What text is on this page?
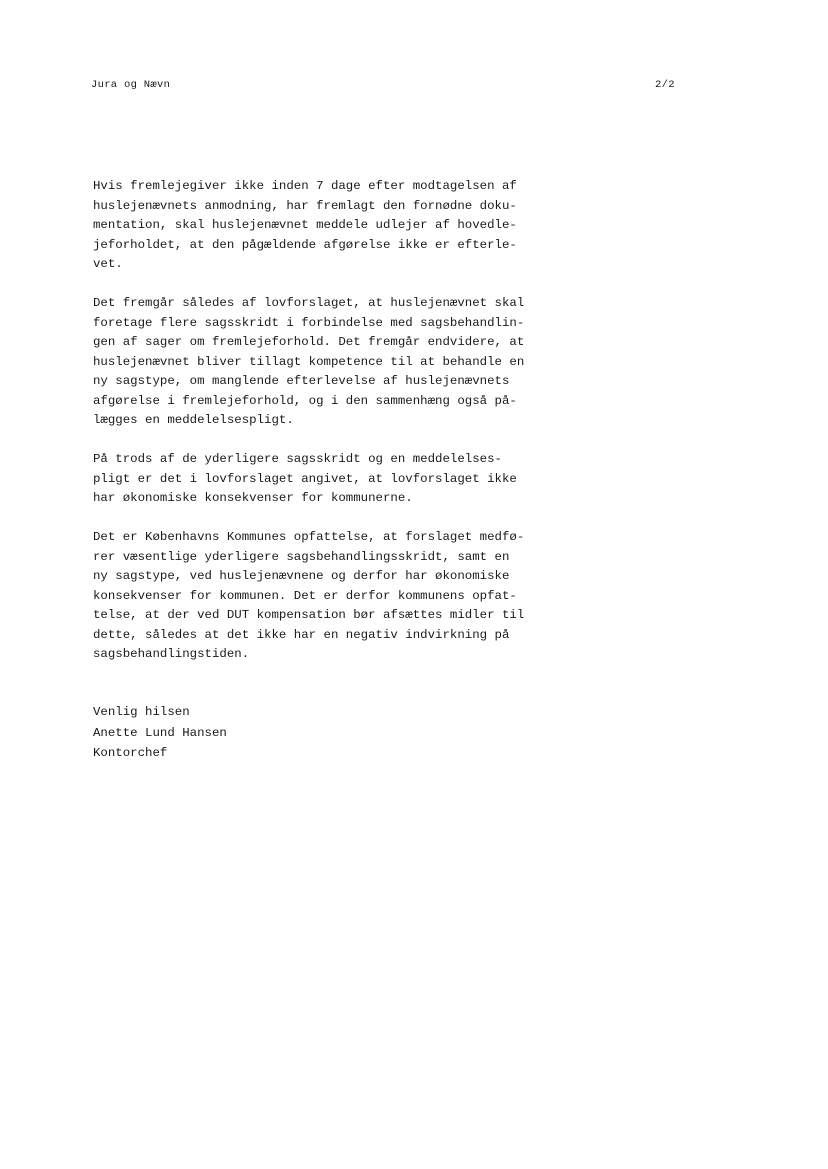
Jura og Nævn	2/2
Hvis fremlejegiver ikke inden 7 dage efter modtagelsen af
huslejenævnets anmodning, har fremlagt den fornødne doku-
mentation, skal huslejenævnet meddele udlejer af hovedle-
jeforholdet, at den pågældende afgørelse ikke er efterle-
vet.
Det fremgår således af lovforslaget, at huslejenævnet skal
foretage flere sagsskridt i forbindelse med sagsbehandlin-
gen af sager om fremlejeforhold. Det fremgår endvidere, at
huslejenævnet bliver tillagt kompetence til at behandle en
ny sagstype, om manglende efterlevelse af huslejenævnets
afgørelse i fremlejeforhold, og i den sammenhæng også på-
lægges en meddelelsespligt.
På trods af de yderligere sagsskridt og en meddelelses-
pligt er det i lovforslaget angivet, at lovforslaget ikke
har økonomiske konsekvenser for kommunerne.
Det er Københavns Kommunes opfattelse, at forslaget medfø-
rer væsentlige yderligere sagsbehandlingsskridt, samt en
ny sagstype, ved huslejenævnene og derfor har økonomiske
konsekvenser for kommunen. Det er derfor kommunens opfat-
telse, at der ved DUT kompensation bør afsættes midler til
dette, således at det ikke har en negativ indvirkning på
sagsbehandlingstiden.
Venlig hilsen
Anette Lund Hansen
Kontorchef
